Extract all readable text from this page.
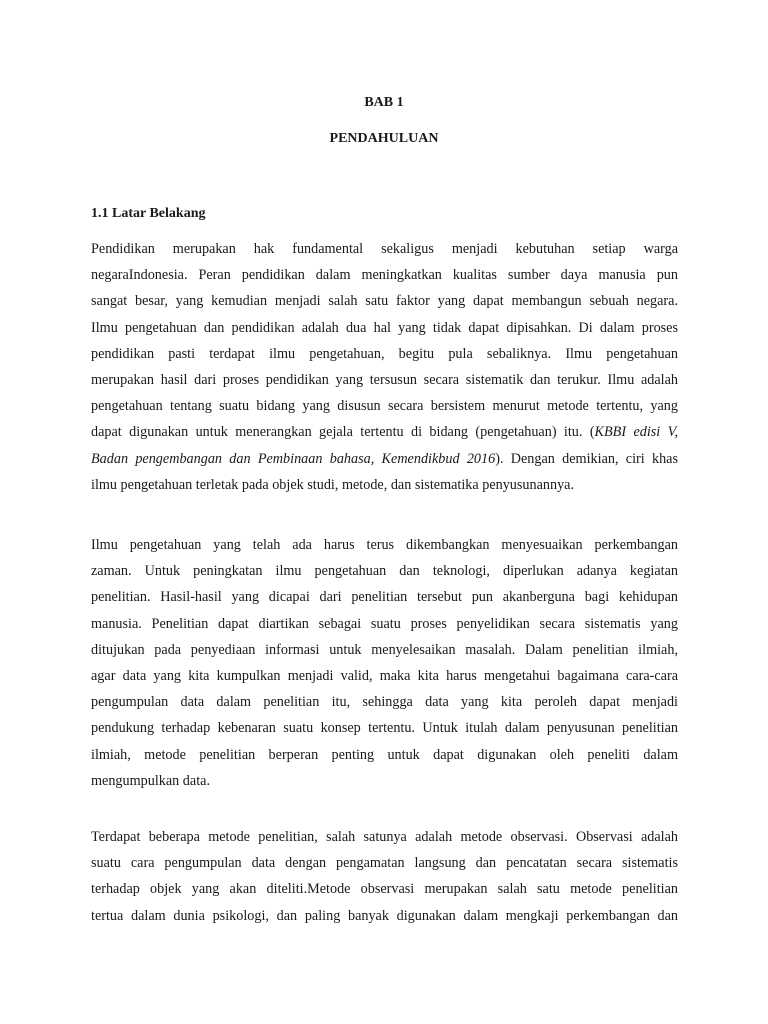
BAB 1
PENDAHULUAN
1.1 Latar Belakang

Pendidikan merupakan hak fundamental sekaligus menjadi kebutuhan setiap warga
negaraIndonesia. Peran pendidikan dalam meningkatkan kualitas sumber daya manusia pun
sangat besar, yang kemudian menjadi salah satu faktor yang dapat membangun sebuah negara.
Ilmu pengetahuan dan pendidikan adalah dua hal yang tidak dapat dipisahkan. Di dalam proses
pendidikan pasti terdapat ilmu pengetahuan, begitu pula sebaliknya. Ilmu pengetahuan
merupakan hasil dari proses pendidikan yang tersusun secara sistematik dan terukur. Ilmu adalah
pengetahuan tentang suatu bidang yang disusun secara bersistem menurut metode tertentu, yang
dapat digunakan untuk menerangkan gejala tertentu di bidang (pengetahuan) itu. (KBBI edisi V,
Badan pengembangan dan Pembinaan bahasa, Kemendikbud 2016). Dengan demikian, ciri khas
ilmu pengetahuan terletak pada objek studi, metode, dan sistematika penyusunannya.

Ilmu pengetahuan yang telah ada harus terus dikembangkan menyesuaikan perkembangan
zaman. Untuk peningkatan ilmu pengetahuan dan teknologi, diperlukan adanya kegiatan
penelitian. Hasil-hasil yang dicapai dari penelitian tersebut pun akanberguna bagi kehidupan
manusia. Penelitian dapat diartikan sebagai suatu proses penyelidikan secara sistematis yang
ditujukan pada penyediaan informasi untuk menyelesaikan masalah. Dalam penelitian ilmiah,
agar data yang kita kumpulkan menjadi valid, maka kita harus mengetahui bagaimana cara-cara
pengumpulan data dalam penelitian itu, sehingga data yang kita peroleh dapat menjadi
pendukung terhadap kebenaran suatu konsep tertentu. Untuk itulah dalam penyusunan penelitian
ilmiah, metode penelitian berperan penting untuk dapat digunakan oleh peneliti dalam
mengumpulkan data.

Terdapat beberapa metode penelitian, salah satunya adalah metode observasi. Observasi adalah
suatu cara pengumpulan data dengan pengamatan langsung dan pencatatan secara sistematis
terhadap objek yang akan diteliti.Metode observasi merupakan salah satu metode penelitian
tertua dalam dunia psikologi, dan paling banyak digunakan dalam mengkaji perkembangan dan
